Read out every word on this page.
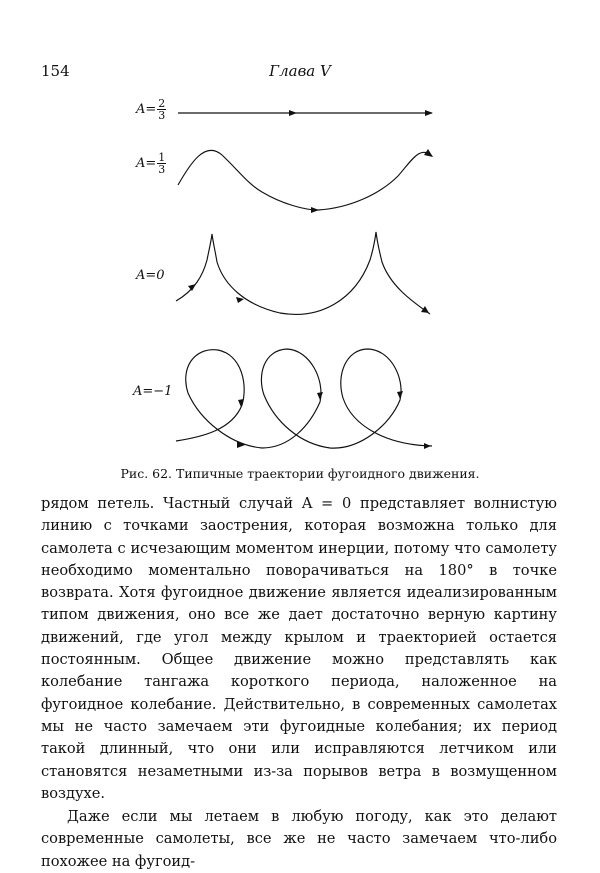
154	Глава V
$A= \frac{2}{3}$
$A= \frac{1}{3}$
A=0
A=−1
Рис. 62. Типичные траектории фугоидного движения.

рядом петель. Частный случай A = 0 представляет волнистую линию с точками заострения, которая возможна только для самолета с исчезающим моментом инерции, потому что самолету необходимо моментально поворачиваться на 180° в точке возврата. Хотя фугоидное движение является идеализированным типом движения, оно все же дает достаточно верную картину движений, где угол между крылом и траекторией остается постоянным. Общее движение можно представлять как колебание тангажа короткого периода, наложенное на фугоидное колебание. Действительно, в современных самолетах мы не часто замечаем эти фугоидные колебания; их период такой длинный, что они или исправляются летчиком или становятся незаметными из-за порывов ветра в возмущенном воздухе.

Даже если мы летаем в любую погоду, как это делают современные самолеты, все же не часто замечаем что-либо похожее на фугоид-
